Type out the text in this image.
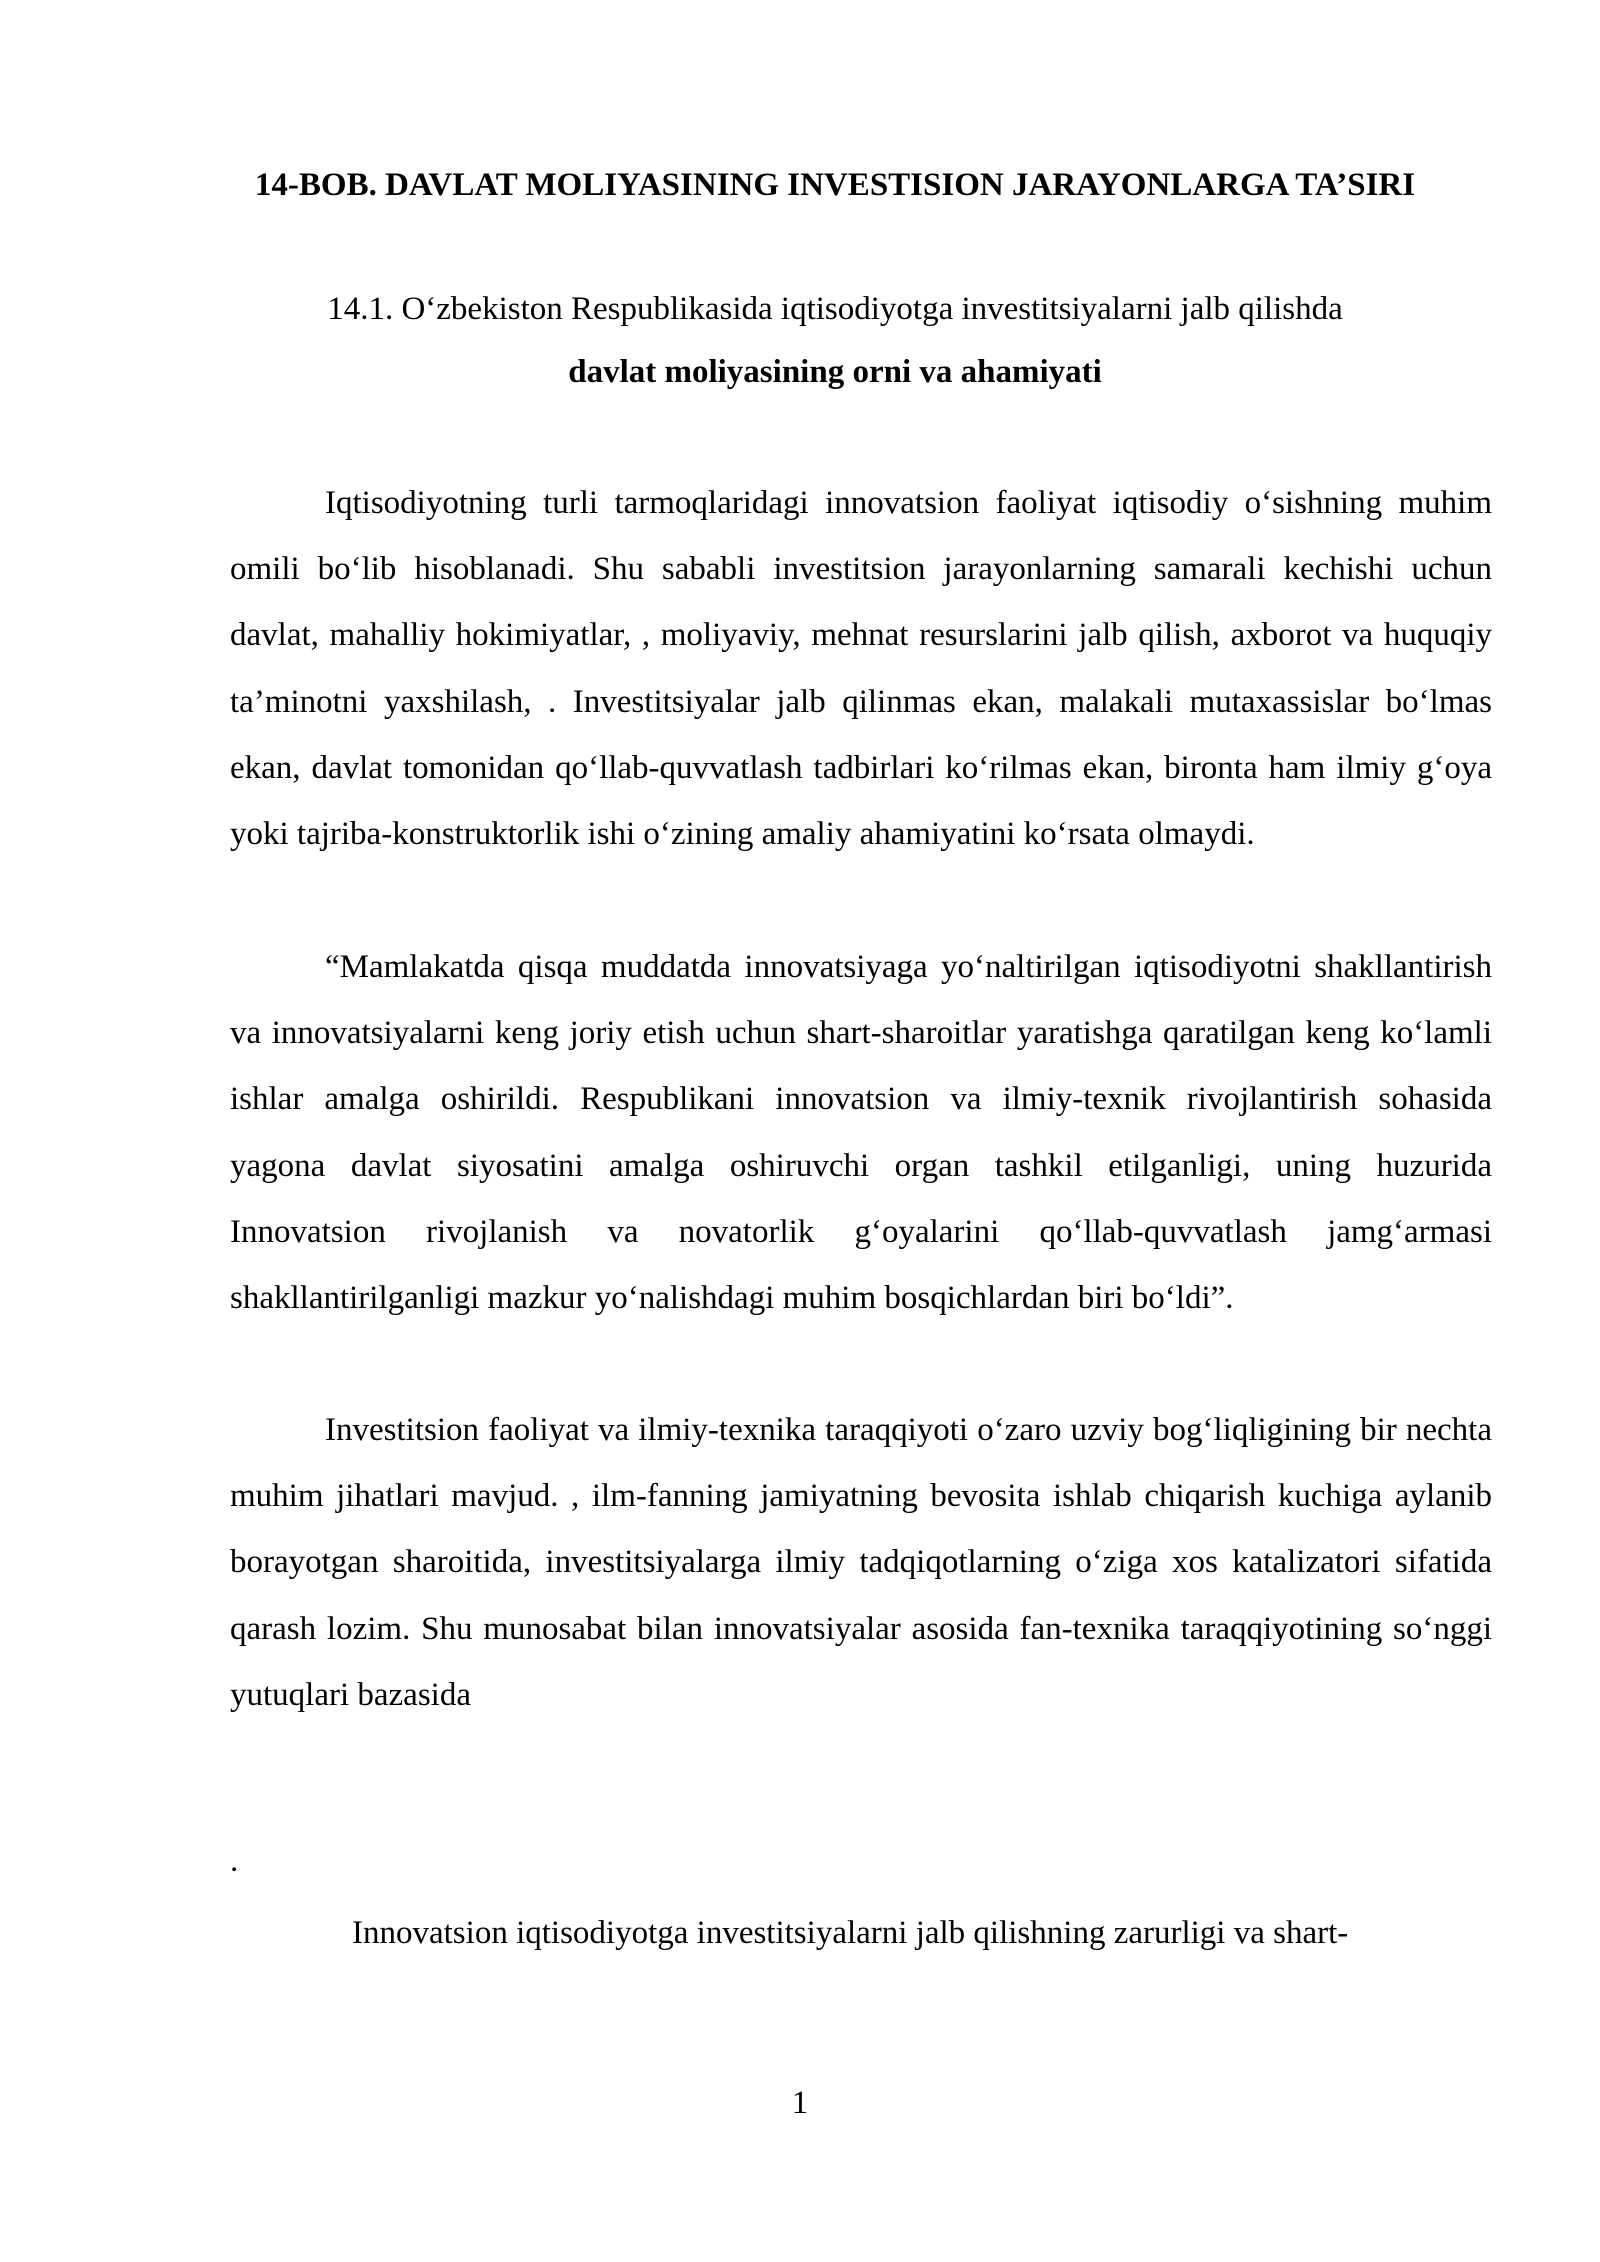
14-BOB. DAVLAT MOLIYASINING INVESTISION JARAYONLARGA TA’SIRI

14.1. O‘zbekiston Respublikasida iqtisodiyotga investitsiyalarni jalb qilishda

davlat moliyasining orni va ahamiyati

Iqtisodiyotning turli tarmoqlaridagi innovatsion faoliyat iqtisodiy o‘sishning muhim omili bo‘lib hisoblanadi. Shu sababli investitsion jarayonlarning samarali kechishi uchun davlat, mahalliy hokimiyatlar, , moliyaviy, mehnat resurslarini jalb qilish, axborot va huquqiy ta’minotni yaxshilash, . Investitsiyalar jalb qilinmas ekan, malakali mutaxassislar bo‘lmas ekan, davlat tomonidan qo‘llab-quvvatlash tadbirlari ko‘rilmas ekan, bironta ham ilmiy g‘oya yoki tajriba-konstruktorlik ishi o‘zining amaliy ahamiyatini ko‘rsata olmaydi.

“Mamlakatda qisqa muddatda innovatsiyaga yo‘naltirilgan iqtisodiyotni shakllantirish va innovatsiyalarni keng joriy etish uchun shart-sharoitlar yaratishga qaratilgan keng ko‘lamli ishlar amalga oshirildi. Respublikani innovatsion va ilmiy-texnik rivojlantirish sohasida yagona davlat siyosatini amalga oshiruvchi organ tashkil etilganligi, uning huzurida Innovatsion rivojlanish va novatorlik g‘oyalarini qo‘llab-quvvatlash jamg‘armasi shakllantirilganligi mazkur yo‘nalishdagi muhim bosqichlardan biri bo‘ldi”.

Investitsion faoliyat va ilmiy-texnika taraqqiyoti o‘zaro uzviy bog‘liqligining bir nechta muhim jihatlari mavjud. , ilm-fanning jamiyatning bevosita ishlab chiqarish kuchiga aylanib borayotgan sharoitida, investitsiyalarga ilmiy tadqiqotlarning o‘ziga xos katalizatori sifatida qarash lozim. Shu munosabat bilan innovatsiyalar asosida fan-texnika taraqqiyotining so‘nggi yutuqlari bazasida

.

Innovatsion iqtisodiyotga investitsiyalarni jalb qilishning zarurligi va shart-

1
